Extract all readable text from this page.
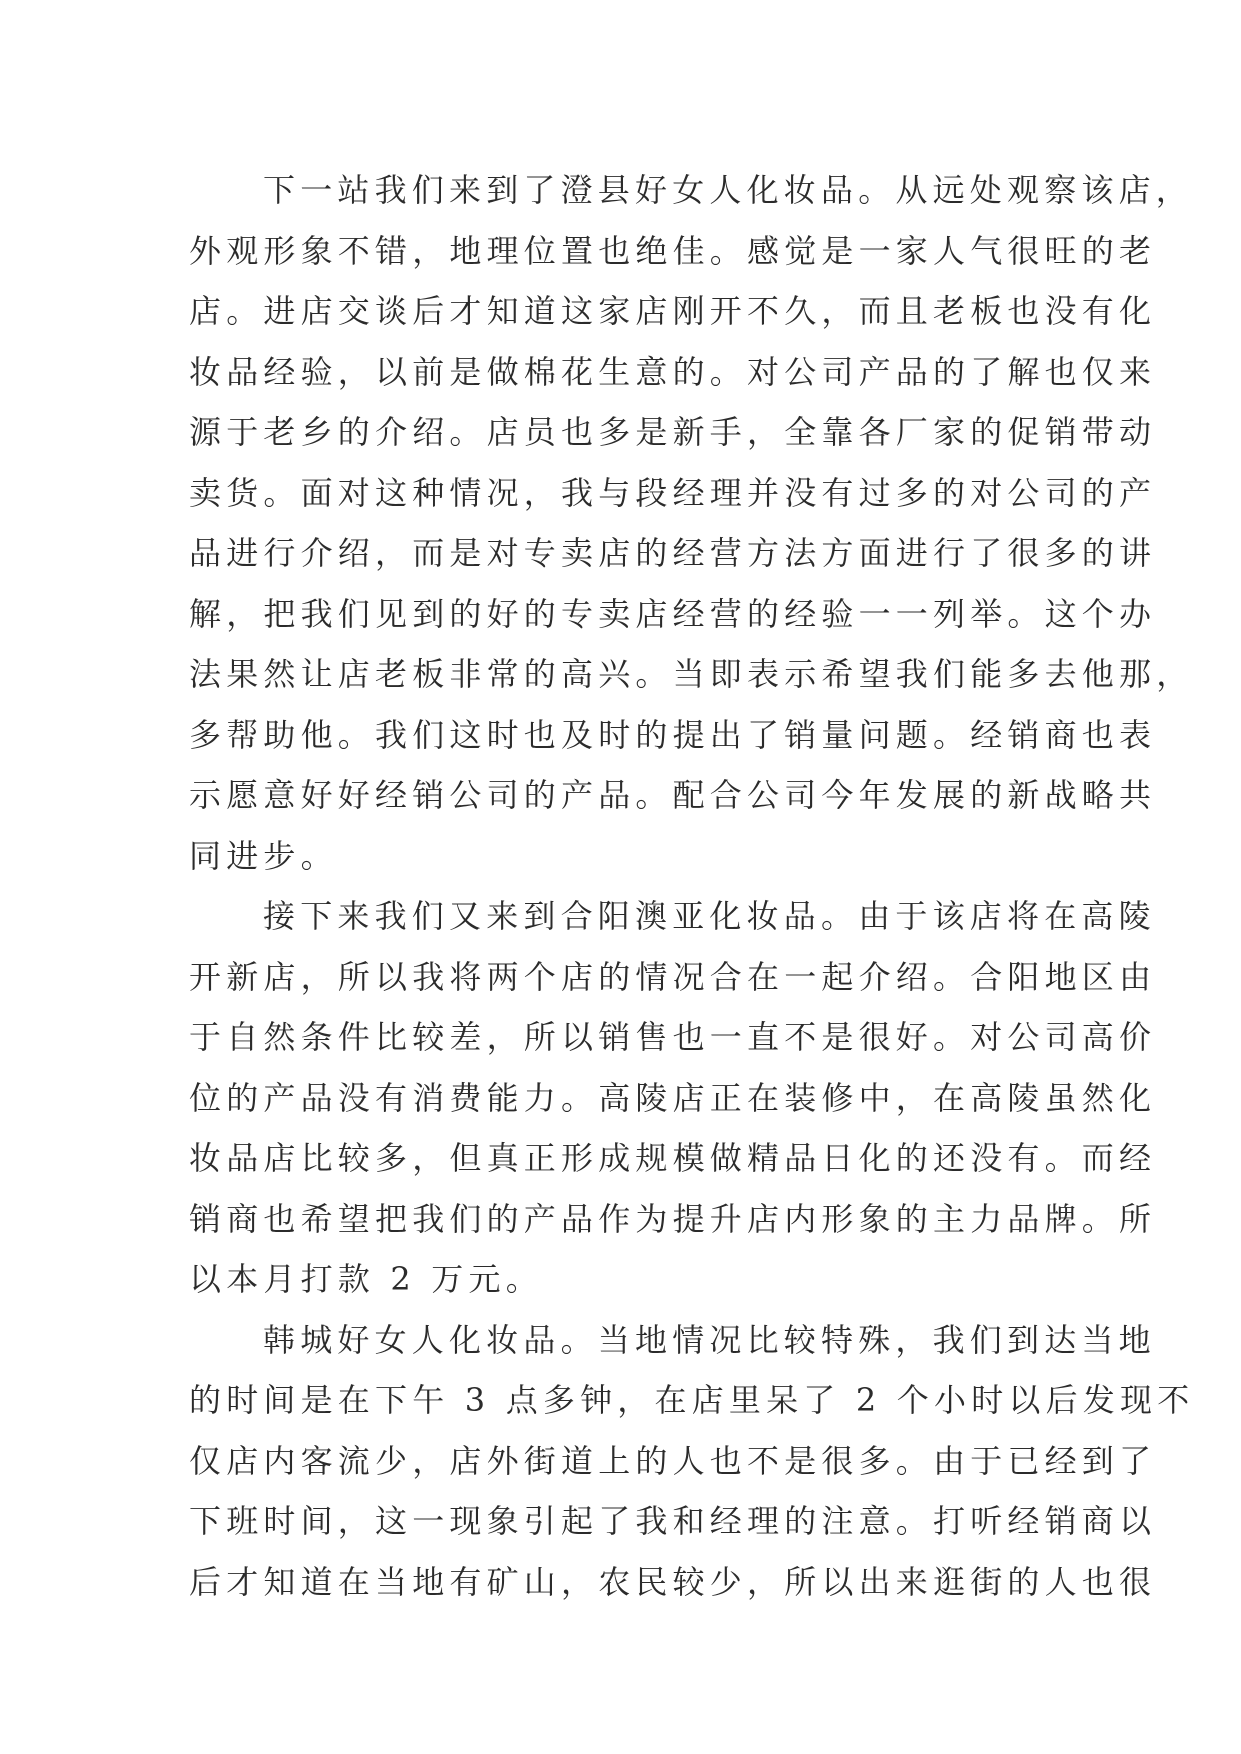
下一站我们来到了澄县好女人化妆品。从远处观察该店，
外观形象不错，地理位置也绝佳。感觉是一家人气很旺的老
店。进店交谈后才知道这家店刚开不久，而且老板也没有化
妆品经验，以前是做棉花生意的。对公司产品的了解也仅来
源于老乡的介绍。店员也多是新手，全靠各厂家的促销带动
卖货。面对这种情况，我与段经理并没有过多的对公司的产
品进行介绍，而是对专卖店的经营方法方面进行了很多的讲
解，把我们见到的好的专卖店经营的经验一一列举。这个办
法果然让店老板非常的高兴。当即表示希望我们能多去他那，
多帮助他。我们这时也及时的提出了销量问题。经销商也表
示愿意好好经销公司的产品。配合公司今年发展的新战略共
同进步。
接下来我们又来到合阳澳亚化妆品。由于该店将在高陵
开新店，所以我将两个店的情况合在一起介绍。合阳地区由
于自然条件比较差，所以销售也一直不是很好。对公司高价
位的产品没有消费能力。高陵店正在装修中，在高陵虽然化
妆品店比较多，但真正形成规模做精品日化的还没有。而经
销商也希望把我们的产品作为提升店内形象的主力品牌。所
以本月打款 2 万元。
韩城好女人化妆品。当地情况比较特殊，我们到达当地
的时间是在下午 3 点多钟，在店里呆了 2 个小时以后发现不
仅店内客流少，店外街道上的人也不是很多。由于已经到了
下班时间，这一现象引起了我和经理的注意。打听经销商以
后才知道在当地有矿山，农民较少，所以出来逛街的人也很
